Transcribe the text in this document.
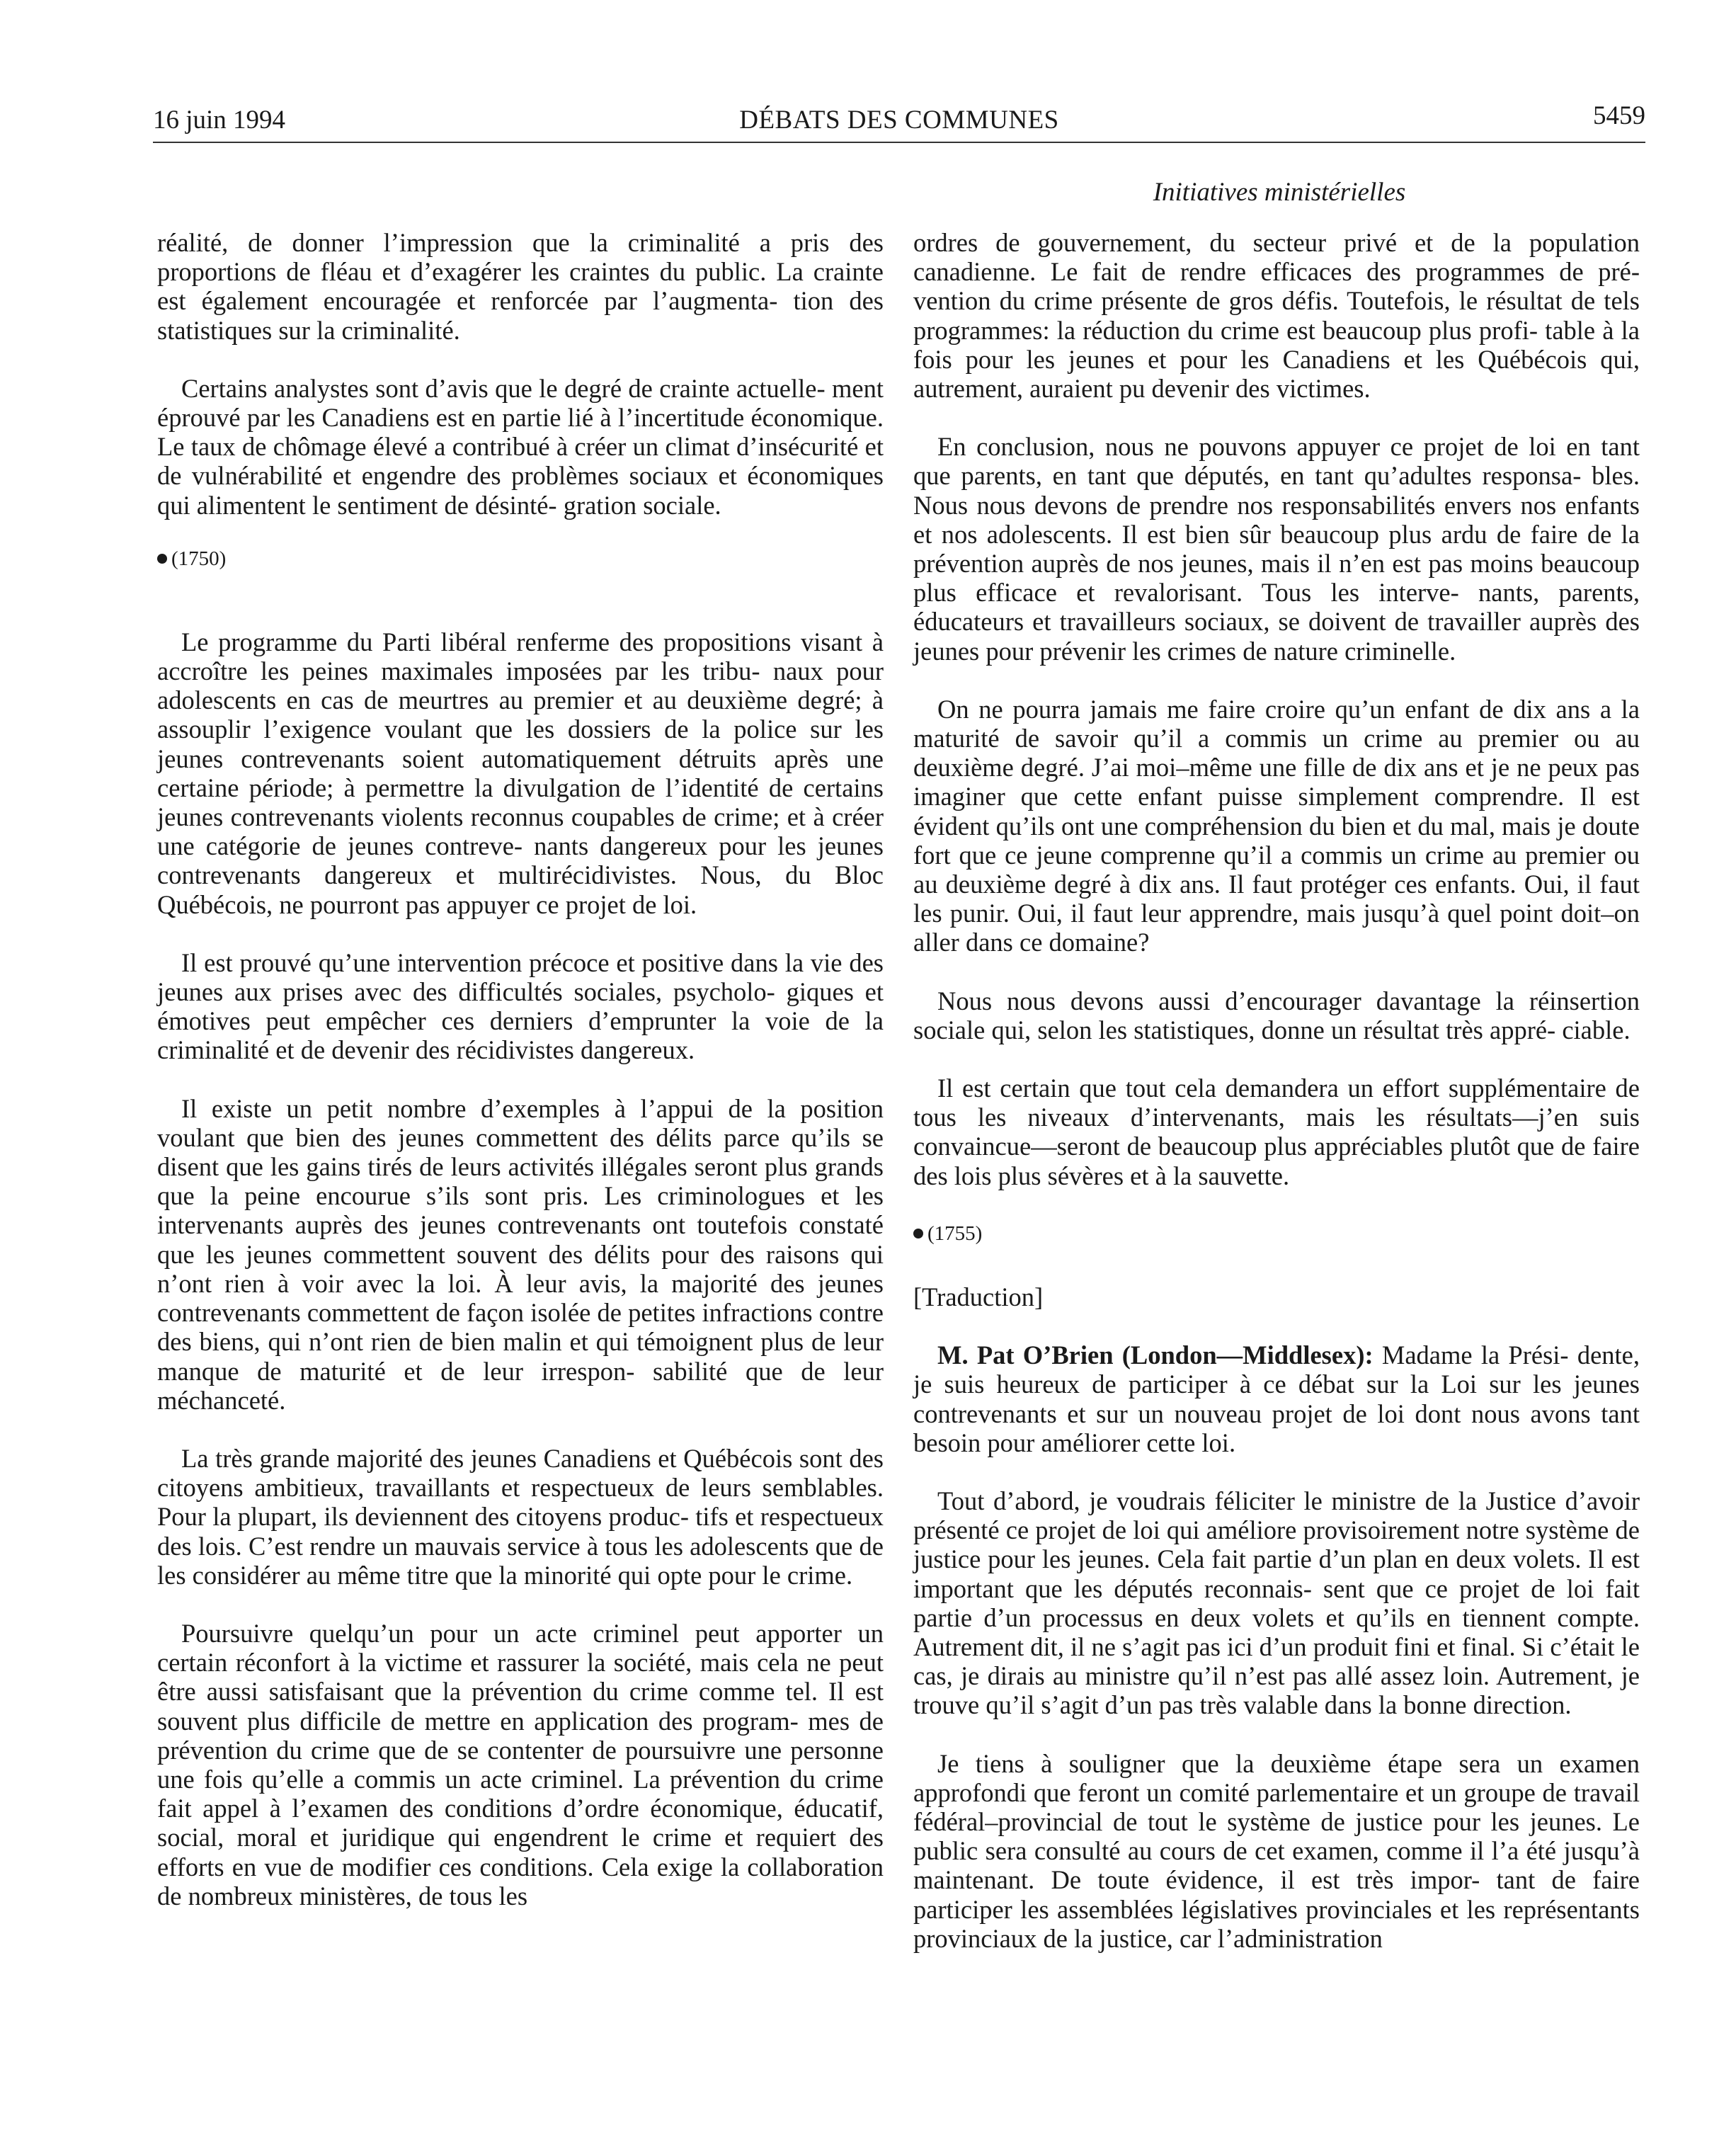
16 juin 1994	DÉBATS DES COMMUNES	5459
Initiatives ministérielles

réalité, de donner l’impression que la criminalité a pris des proportions de fléau et d’exagérer les craintes du public. La crainte est également encouragée et renforcée par l’augmenta- tion des statistiques sur la criminalité.

Certains analystes sont d’avis que le degré de crainte actuelle- ment éprouvé par les Canadiens est en partie lié à l’incertitude économique. Le taux de chômage élevé a contribué à créer un climat d’insécurité et de vulnérabilité et engendre des problèmes sociaux et économiques qui alimentent le sentiment de désinté- gration sociale.

(1750)

Le programme du Parti libéral renferme des propositions visant à accroître les peines maximales imposées par les tribu- naux pour adolescents en cas de meurtres au premier et au deuxième degré; à assouplir l’exigence voulant que les dossiers de la police sur les jeunes contrevenants soient automatiquement détruits après une certaine période; à permettre la divulgation de l’identité de certains jeunes contrevenants violents reconnus coupables de crime; et à créer une catégorie de jeunes contreve- nants dangereux pour les jeunes contrevenants dangereux et multirécidivistes. Nous, du Bloc Québécois, ne pourront pas appuyer ce projet de loi.

Il est prouvé qu’une intervention précoce et positive dans la vie des jeunes aux prises avec des difficultés sociales, psycholo- giques et émotives peut empêcher ces derniers d’emprunter la voie de la criminalité et de devenir des récidivistes dangereux.

Il existe un petit nombre d’exemples à l’appui de la position voulant que bien des jeunes commettent des délits parce qu’ils se disent que les gains tirés de leurs activités illégales seront plus grands que la peine encourue s’ils sont pris. Les criminologues et les intervenants auprès des jeunes contrevenants ont toutefois constaté que les jeunes commettent souvent des délits pour des raisons qui n’ont rien à voir avec la loi. À leur avis, la majorité des jeunes contrevenants commettent de façon isolée de petites infractions contre des biens, qui n’ont rien de bien malin et qui témoignent plus de leur manque de maturité et de leur irrespon- sabilité que de leur méchanceté.

La très grande majorité des jeunes Canadiens et Québécois sont des citoyens ambitieux, travaillants et respectueux de leurs semblables. Pour la plupart, ils deviennent des citoyens produc- tifs et respectueux des lois. C’est rendre un mauvais service à tous les adolescents que de les considérer au même titre que la minorité qui opte pour le crime.

Poursuivre quelqu’un pour un acte criminel peut apporter un certain réconfort à la victime et rassurer la société, mais cela ne peut être aussi satisfaisant que la prévention du crime comme tel. Il est souvent plus difficile de mettre en application des program- mes de prévention du crime que de se contenter de poursuivre une personne une fois qu’elle a commis un acte criminel. La prévention du crime fait appel à l’examen des conditions d’ordre économique, éducatif, social, moral et juridique qui engendrent le crime et requiert des efforts en vue de modifier ces conditions. Cela exige la collaboration de nombreux ministères, de tous les

ordres de gouvernement, du secteur privé et de la population canadienne. Le fait de rendre efficaces des programmes de pré- vention du crime présente de gros défis. Toutefois, le résultat de tels programmes: la réduction du crime est beaucoup plus profi- table à la fois pour les jeunes et pour les Canadiens et les Québécois qui, autrement, auraient pu devenir des victimes.

En conclusion, nous ne pouvons appuyer ce projet de loi en tant que parents, en tant que députés, en tant qu’adultes responsa- bles. Nous nous devons de prendre nos responsabilités envers nos enfants et nos adolescents. Il est bien sûr beaucoup plus ardu de faire de la prévention auprès de nos jeunes, mais il n’en est pas moins beaucoup plus efficace et revalorisant. Tous les interve- nants, parents, éducateurs et travailleurs sociaux, se doivent de travailler auprès des jeunes pour prévenir les crimes de nature criminelle.

On ne pourra jamais me faire croire qu’un enfant de dix ans a la maturité de savoir qu’il a commis un crime au premier ou au deuxième degré. J’ai moi–même une fille de dix ans et je ne peux pas imaginer que cette enfant puisse simplement comprendre. Il est évident qu’ils ont une compréhension du bien et du mal, mais je doute fort que ce jeune comprenne qu’il a commis un crime au premier ou au deuxième degré à dix ans. Il faut protéger ces enfants. Oui, il faut les punir. Oui, il faut leur apprendre, mais jusqu’à quel point doit–on aller dans ce domaine?

Nous nous devons aussi d’encourager davantage la réinsertion sociale qui, selon les statistiques, donne un résultat très appré- ciable.

Il est certain que tout cela demandera un effort supplémentaire de tous les niveaux d’intervenants, mais les résultats—j’en suis convaincue—seront de beaucoup plus appréciables plutôt que de faire des lois plus sévères et à la sauvette.

(1755)
[Traduction]

M. Pat O’Brien (London—Middlesex): Madame la Prési- dente, je suis heureux de participer à ce débat sur la Loi sur les jeunes contrevenants et sur un nouveau projet de loi dont nous avons tant besoin pour améliorer cette loi.

Tout d’abord, je voudrais féliciter le ministre de la Justice d’avoir présenté ce projet de loi qui améliore provisoirement notre système de justice pour les jeunes. Cela fait partie d’un plan en deux volets. Il est important que les députés reconnais- sent que ce projet de loi fait partie d’un processus en deux volets et qu’ils en tiennent compte. Autrement dit, il ne s’agit pas ici d’un produit fini et final. Si c’était le cas, je dirais au ministre qu’il n’est pas allé assez loin. Autrement, je trouve qu’il s’agit d’un pas très valable dans la bonne direction.

Je tiens à souligner que la deuxième étape sera un examen approfondi que feront un comité parlementaire et un groupe de travail fédéral–provincial de tout le système de justice pour les jeunes. Le public sera consulté au cours de cet examen, comme il l’a été jusqu’à maintenant. De toute évidence, il est très impor- tant de faire participer les assemblées législatives provinciales et les représentants provinciaux de la justice, car l’administration
